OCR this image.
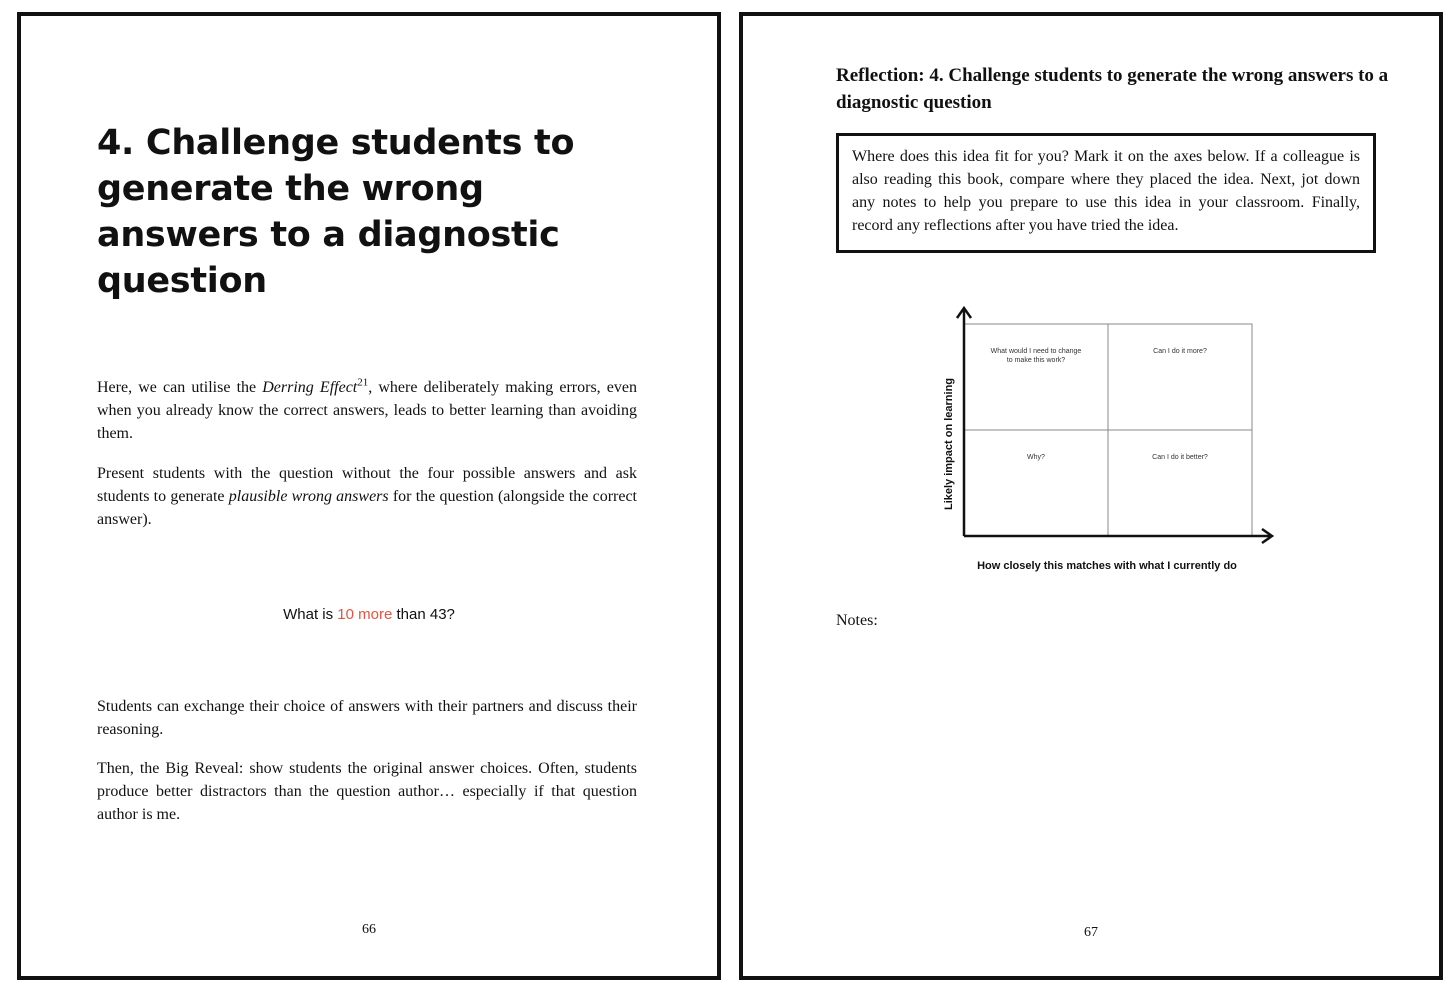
4. Challenge students to generate the wrong answers to a diagnostic question

Here, we can utilise the Derring Effect$^{21}$, where deliberately making errors, even when you already know the correct answers, leads to better learning than avoiding them.

Present students with the question without the four possible answers and ask students to generate plausible wrong answers for the question (alongside the correct answer).

What is 10 more than 43?

Students can exchange their choice of answers with their partners and discuss their reasoning.

Then, the Big Reveal: show students the original answer choices. Often, students produce better distractors than the question author… especially if that question author is me.

66
Reflection: 4. Challenge students to generate the wrong answers to a diagnostic question
Where does this idea fit for you? Mark it on the axes below. If a colleague is also reading this book, compare where they placed the idea. Next, jot down any notes to help you prepare to use this idea in your classroom. Finally, record any reflections after you have tried the idea.
What would I need to change
to make this work?
Can I do it more?
Why?	Can I do it better?
Likely impact on learning
How closely this matches with what I currently do
Notes:
67
